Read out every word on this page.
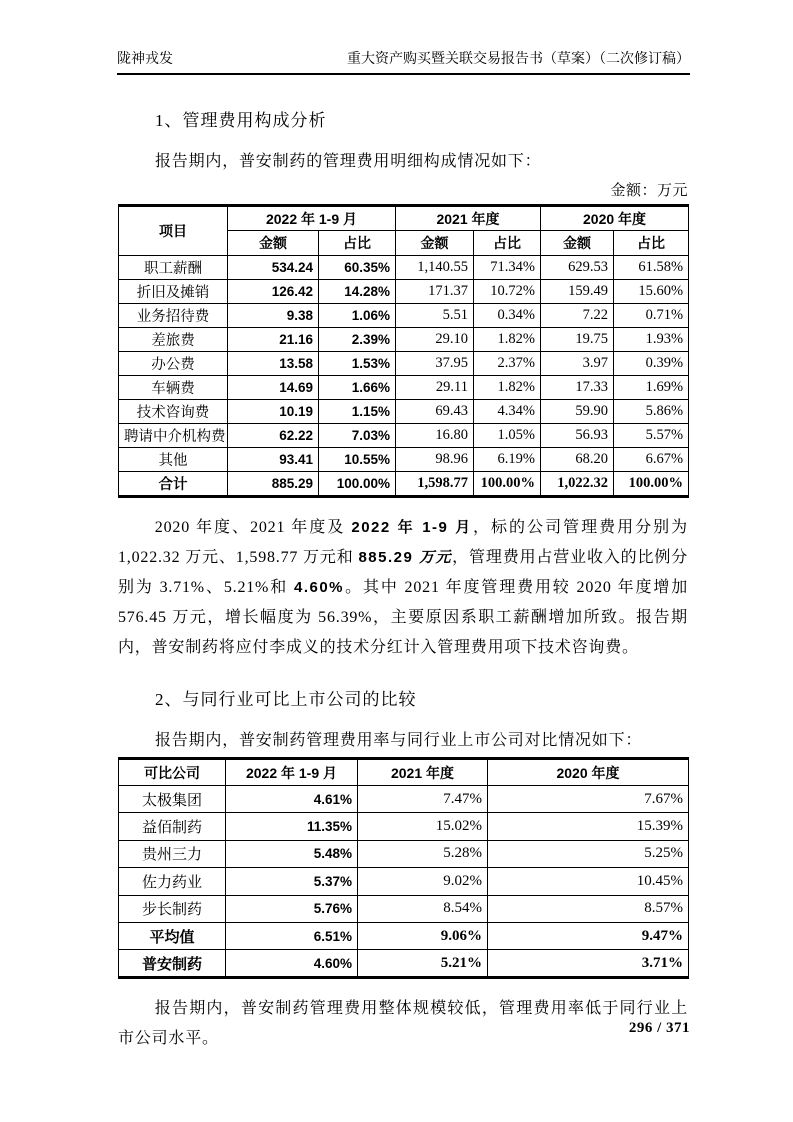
陇神戎发	重大资产购买暨关联交易报告书（草案）（二次修订稿）
1、管理费用构成分析
报告期内，普安制药的管理费用明细构成情况如下：
金额：万元
项目	2022 年 1-9 月		2021 年度		2020 年度	
	金额	占比	金额	占比	金额	占比
职工薪酬	534.24	60.35%	1,140.55	71.34%	629.53	61.58%
折旧及摊销	126.42	14.28%	171.37	10.72%	159.49	15.60%
业务招待费	9.38	1.06%	5.51	0.34%	7.22	0.71%
差旅费	21.16	2.39%	29.10	1.82%	19.75	1.93%
办公费	13.58	1.53%	37.95	2.37%	3.97	0.39%
车辆费	14.69	1.66%	29.11	1.82%	17.33	1.69%
技术咨询费	10.19	1.15%	69.43	4.34%	59.90	5.86%
聘请中介机构费	62.22	7.03%	16.80	1.05%	56.93	5.57%
其他	93.41	10.55%	98.96	6.19%	68.20	6.67%
合计	885.29	100.00%	1,598.77	100.00%	1,022.32	100.00%
2020 年度、2021 年度及 2022 年 1-9 月，标的公司管理费用分别为 1,022.32 万元、1,598.77 万元和 885.29 万元，管理费用占营业收入的比例分别为 3.71%、5.21%和 4.60%。其中 2021 年度管理费用较 2020 年度增加 576.45 万元，增长幅度为 56.39%，主要原因系职工薪酬增加所致。报告期内，普安制药将应付李成义的技术分红计入管理费用项下技术咨询费。
2、与同行业可比上市公司的比较
报告期内，普安制药管理费用率与同行业上市公司对比情况如下：
可比公司	2022 年 1-9 月	2021 年度	2020 年度
太极集团	4.61%	7.47%	7.67%
益佰制药	11.35%	15.02%	15.39%
贵州三力	5.48%	5.28%	5.25%
佐力药业	5.37%	9.02%	10.45%
步长制药	5.76%	8.54%	8.57%
平均值	6.51%	9.06%	9.47%
普安制药	4.60%	5.21%	3.71%
报告期内，普安制药管理费用整体规模较低，管理费用率低于同行业上市公司水平。
296 / 371
